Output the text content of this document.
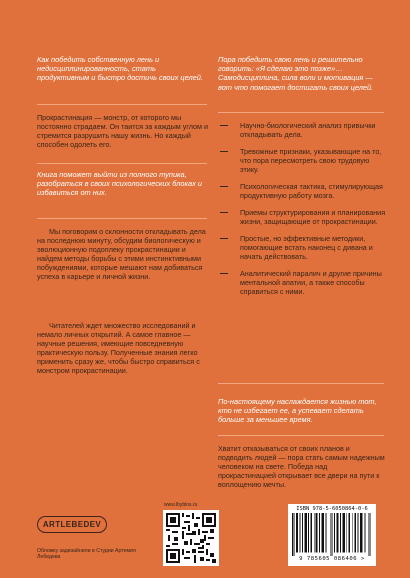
Как победить собственную лень и недисциплинированность, стать продуктивным и быстро достичь своих целей.

Прокрастинация — монстр, от которого мы постоянно страдаем. Он таится за каждым углом и стремится разрушить нашу жизнь. Но каждый способен одолеть его.

Книга поможет выйти из полного тупика, разобраться в своих психологических блоках и избавиться от них.

Мы поговорим о склонности откладывать дела на последнюю минуту, обсудим биологическую и эволюционную подоплеку прокрастинации и найдем методы борьбы с этими инстинктивными побуждениями, которые мешают нам добиваться успеха в карьере и личной жизни.

Читателей ждет множество исследований и немало личных открытий. А самое главное — научные решения, имеющие повседневную практическую пользу. Полученные знания легко применить сразу же, чтобы быстро справиться с монстром прокрастинации.

Пора победить свою лень и решительно говорить: «Я сделаю это позже»… Самодисциплина, сила воли и мотивация — вот что помогает достигать своих целей.

Научно-биологический анализ привычки откладывать дела.
Тревожные признаки, указывающие на то, что пора пересмотреть свою трудовую этику.
Психологическая тактика, стимулирующая продуктивную работу мозга.
Приемы структурирования и планирования жизни, защищающие от прокрастинации.
Простые, но эффективные методики, помогающие встать наконец с дивана и начать действовать.
Аналитический паралич и другие причины ментальной апатии, а также способы справиться с ними.

По-настоящему наслаждается жизнью тот, кто не избегает ее, а успевает сделать больше за меньшее время.

Хватит отказываться от своих планов и подводить людей — пора стать самым надежным человеком на свете. Победа над прокрастинацией открывает все двери на пути к воплощению мечты.

ARTLEBEDEV

Обложку задизайнили в Студии Артемия Лебедева

www.lbyblos.ru

ISBN 978-5-6050864-0-6

9 785605 086406 >
